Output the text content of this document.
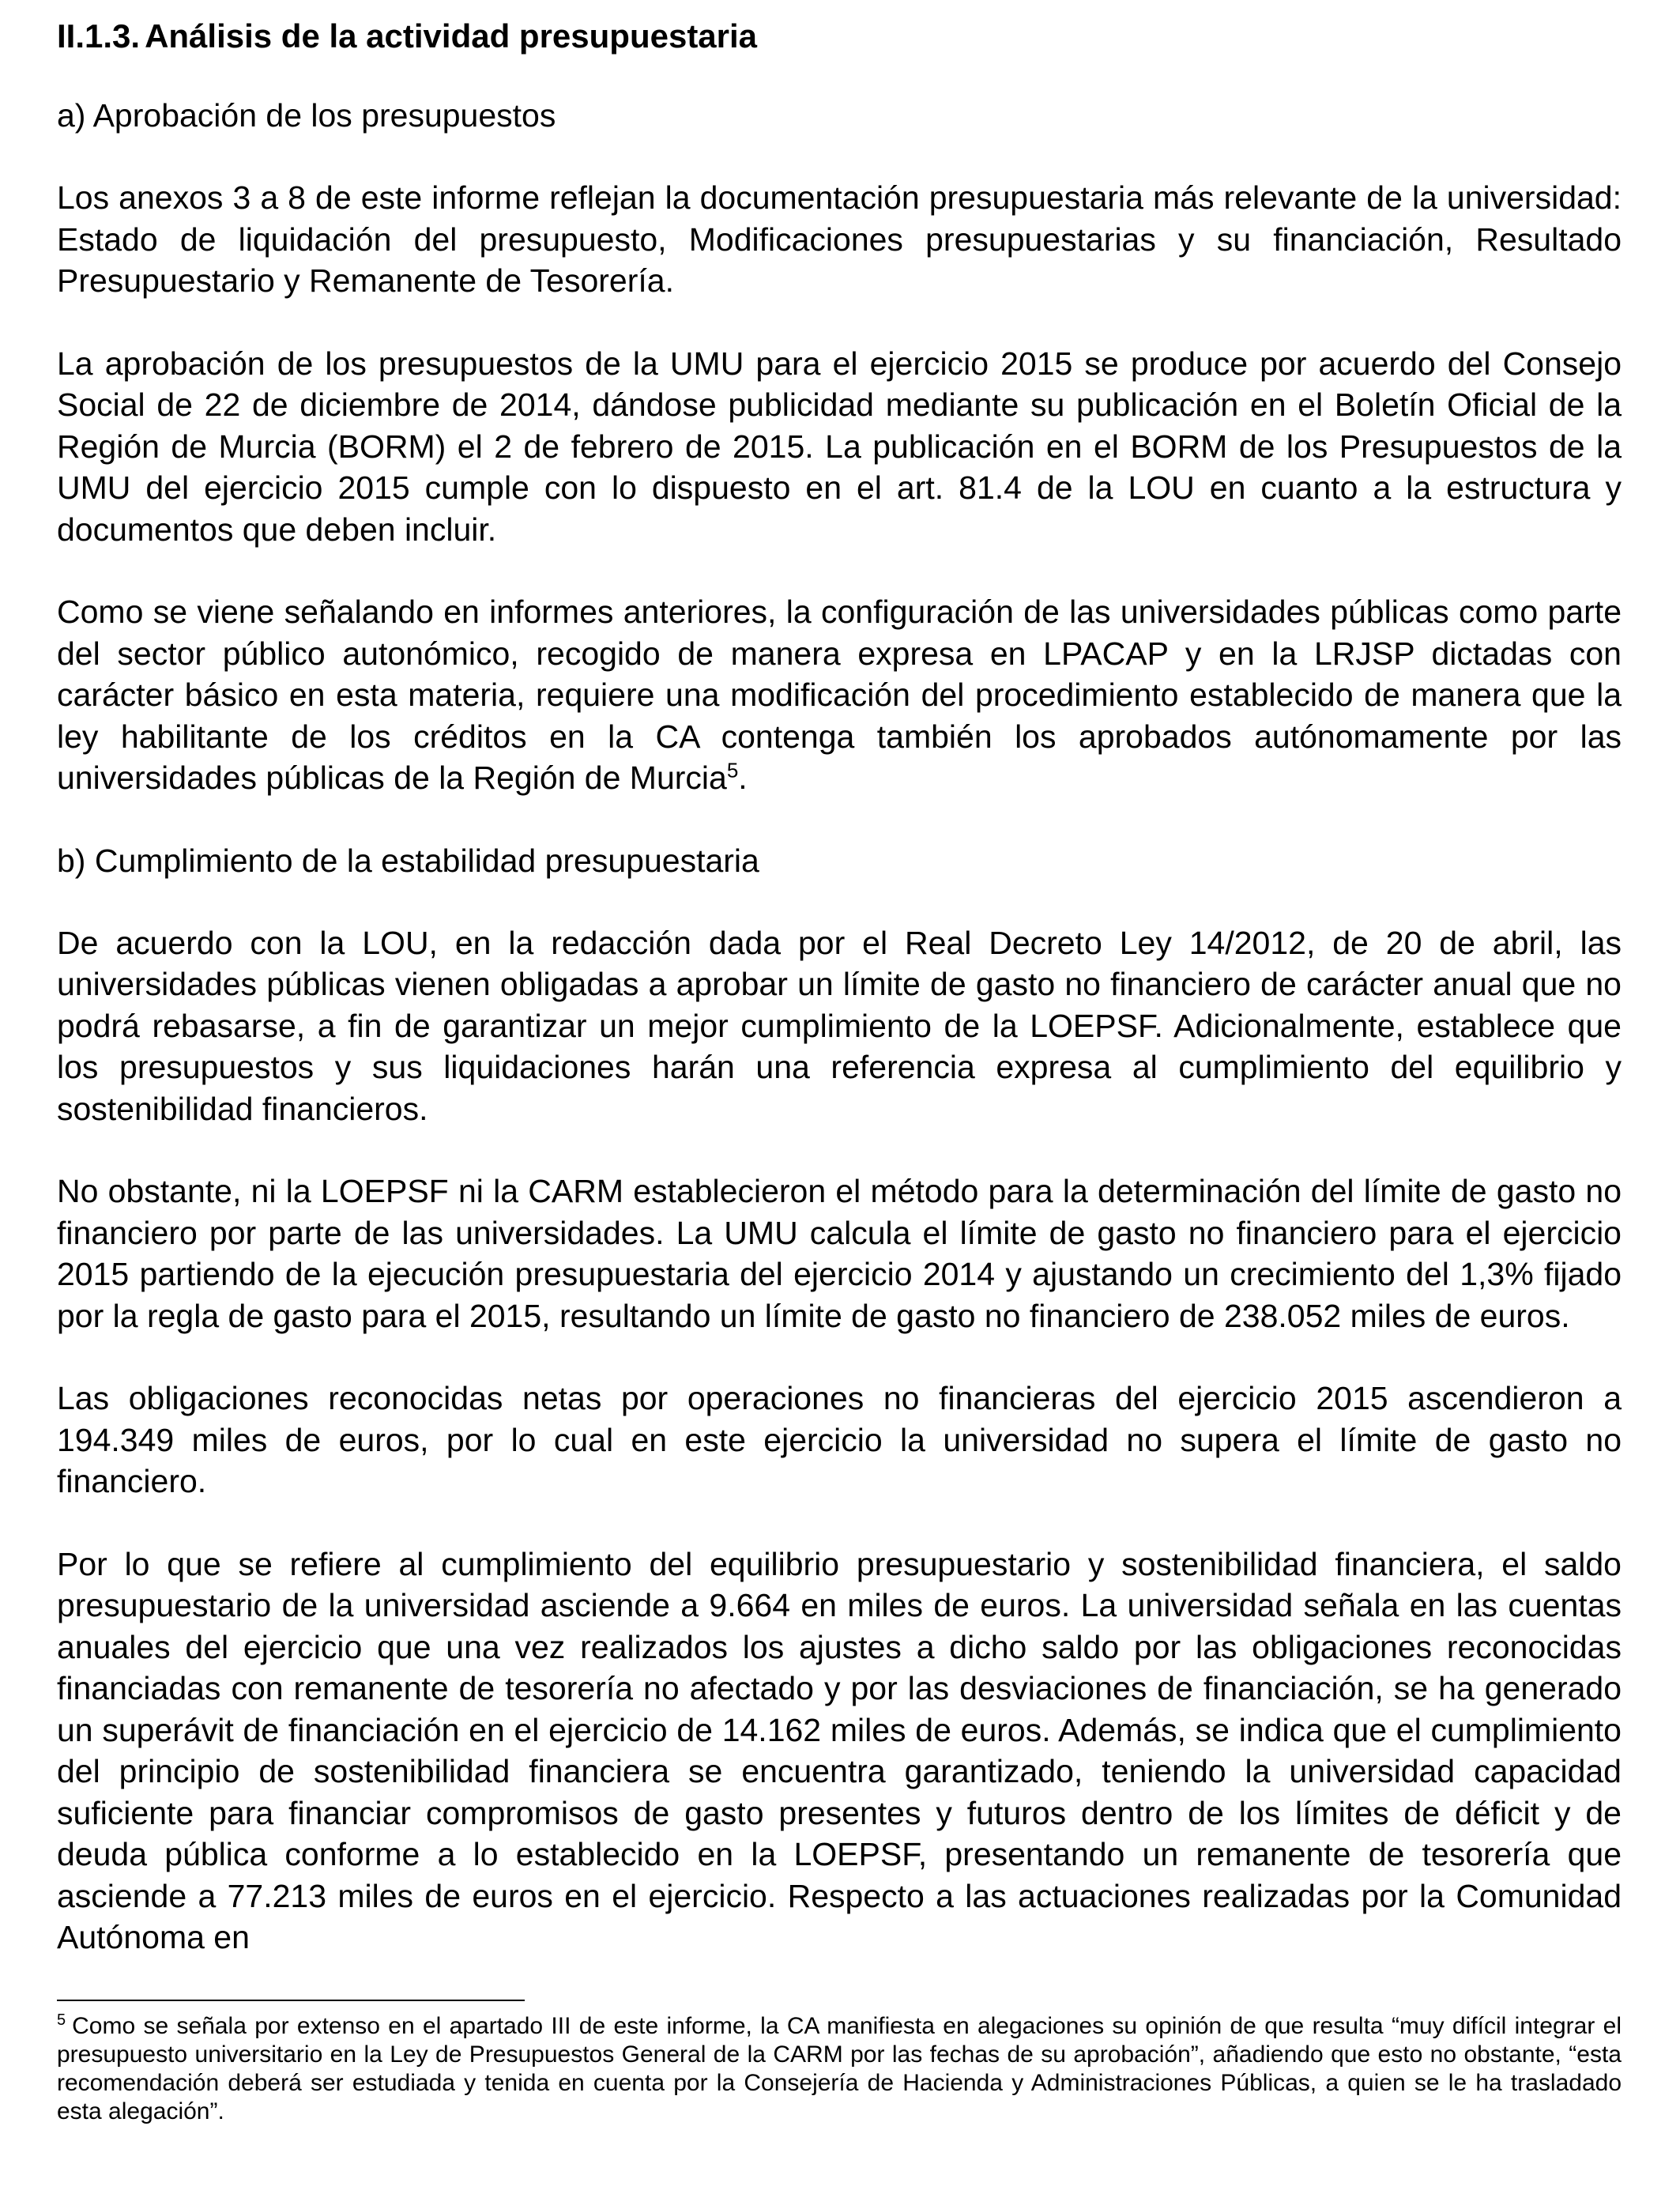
II.1.3. Análisis de la actividad presupuestaria
a) Aprobación de los presupuestos

Los anexos 3 a 8 de este informe reflejan la documentación presupuestaria más relevante de la universidad: Estado de liquidación del presupuesto, Modificaciones presupuestarias y su financiación, Resultado Presupuestario y Remanente de Tesorería.

La aprobación de los presupuestos de la UMU para el ejercicio 2015 se produce por acuerdo del Consejo Social de 22 de diciembre de 2014, dándose publicidad mediante su publicación en el Boletín Oficial de la Región de Murcia (BORM) el 2 de febrero de 2015. La publicación en el BORM de los Presupuestos de la UMU del ejercicio 2015 cumple con lo dispuesto en el art. 81.4 de la LOU en cuanto a la estructura y documentos que deben incluir.

Como se viene señalando en informes anteriores, la configuración de las universidades públicas como parte del sector público autonómico, recogido de manera expresa en LPACAP y en la LRJSP dictadas con carácter básico en esta materia, requiere una modificación del procedimiento establecido de manera que la ley habilitante de los créditos en la CA contenga también los aprobados autónomamente por las universidades públicas de la Región de Murcia$^5$.

b) Cumplimiento de la estabilidad presupuestaria

De acuerdo con la LOU, en la redacción dada por el Real Decreto Ley 14/2012, de 20 de abril, las universidades públicas vienen obligadas a aprobar un límite de gasto no financiero de carácter anual que no podrá rebasarse, a fin de garantizar un mejor cumplimiento de la LOEPSF. Adicionalmente, establece que los presupuestos y sus liquidaciones harán una referencia expresa al cumplimiento del equilibrio y sostenibilidad financieros.

No obstante, ni la LOEPSF ni la CARM establecieron el método para la determinación del límite de gasto no financiero por parte de las universidades. La UMU calcula el límite de gasto no financiero para el ejercicio 2015 partiendo de la ejecución presupuestaria del ejercicio 2014 y ajustando un crecimiento del 1,3% fijado por la regla de gasto para el 2015, resultando un límite de gasto no financiero de 238.052 miles de euros.

Las obligaciones reconocidas netas por operaciones no financieras del ejercicio 2015 ascendieron a 194.349 miles de euros, por lo cual en este ejercicio la universidad no supera el límite de gasto no financiero.

Por lo que se refiere al cumplimiento del equilibrio presupuestario y sostenibilidad financiera, el saldo presupuestario de la universidad asciende a 9.664 en miles de euros. La universidad señala en las cuentas anuales del ejercicio que una vez realizados los ajustes a dicho saldo por las obligaciones reconocidas financiadas con remanente de tesorería no afectado y por las desviaciones de financiación, se ha generado un superávit de financiación en el ejercicio de 14.162 miles de euros. Además, se indica que el cumplimiento del principio de sostenibilidad financiera se encuentra garantizado, teniendo la universidad capacidad suficiente para financiar compromisos de gasto presentes y futuros dentro de los límites de déficit y de deuda pública conforme a lo establecido en la LOEPSF, presentando un remanente de tesorería que asciende a 77.213 miles de euros en el ejercicio. Respecto a las actuaciones realizadas por la Comunidad Autónoma en

$^5$ Como se señala por extenso en el apartado III de este informe, la CA manifiesta en alegaciones su opinión de que resulta “muy difícil integrar el presupuesto universitario en la Ley de Presupuestos General de la CARM por las fechas de su aprobación”, añadiendo que esto no obstante, “esta recomendación deberá ser estudiada y tenida en cuenta por la Consejería de Hacienda y Administraciones Públicas, a quien se le ha trasladado esta alegación”.
